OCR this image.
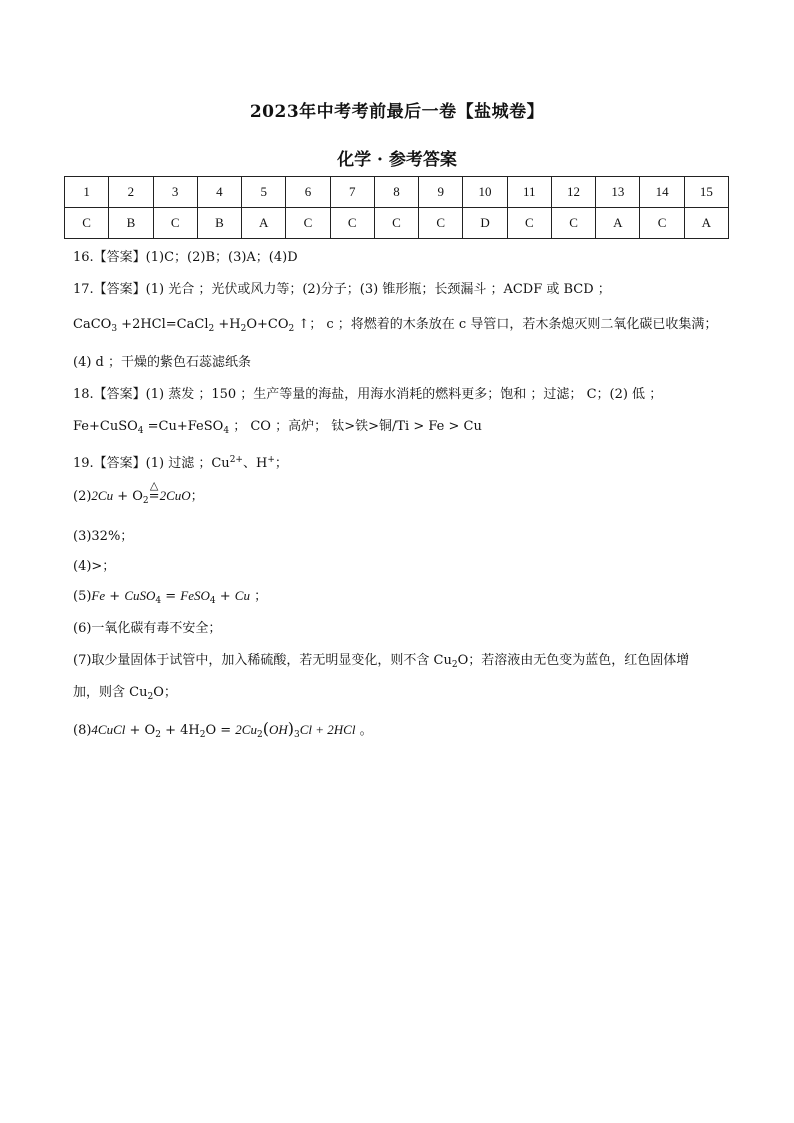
2023年中考考前最后一卷【盐城卷】
化学 · 参考答案
1	2	3	4	5	6	7	8	9	10	11	12	13	14	15
C	B	C	B	A	C	C	C	C	D	C	C	A	C	A
16.【答案】(1)C；(2)B；(3)A；(4)D
17.【答案】(1) 光合 ；光伏或风力等；(2)分子；(3) 锥形瓶；长颈漏斗 ；ACDF 或 BCD ；
CaCO$_3$ +2HCl=CaCl$_2$ $+H_2O+CO_2$ ↑； c ；将燃着的木条放在 c 导管口，若木条熄灭则二氧化碳已收集满；
(4) d ；干燥的紫色石蕊滤纸条
18.【答案】(1) 蒸发 ；150 ；生产等量的海盐，用海水消耗的燃料更多；饱和 ；过滤； C；(2) 低 ；
Fe+CuSO$_4$ =Cu+FeSO$_4$ ； CO ；高炉； 钛>铁>铜/Ti > Fe > Cu
19.【答案】(1) 过滤 ；$Cu^{2+}$、H+；
$(2)2Cu + O_2$
△
=2CuO；
(3)32%；
(4)>；
(5)Fe + CuSO$_4$ = FeSO$_4$ + Cu ；
(6)一氧化碳有毒不安全；
(7)取少量固体于试管中，加入稀硫酸，若无明显变化，则不含 $Cu_2O$；若溶液由无色变为蓝色，红色固体增
加，则含 $Cu_2O$；
(8)4CuCl + $O_2 + 4H_2O = 2Cu_2(OH)_3Cl + 2HCl$ 。
